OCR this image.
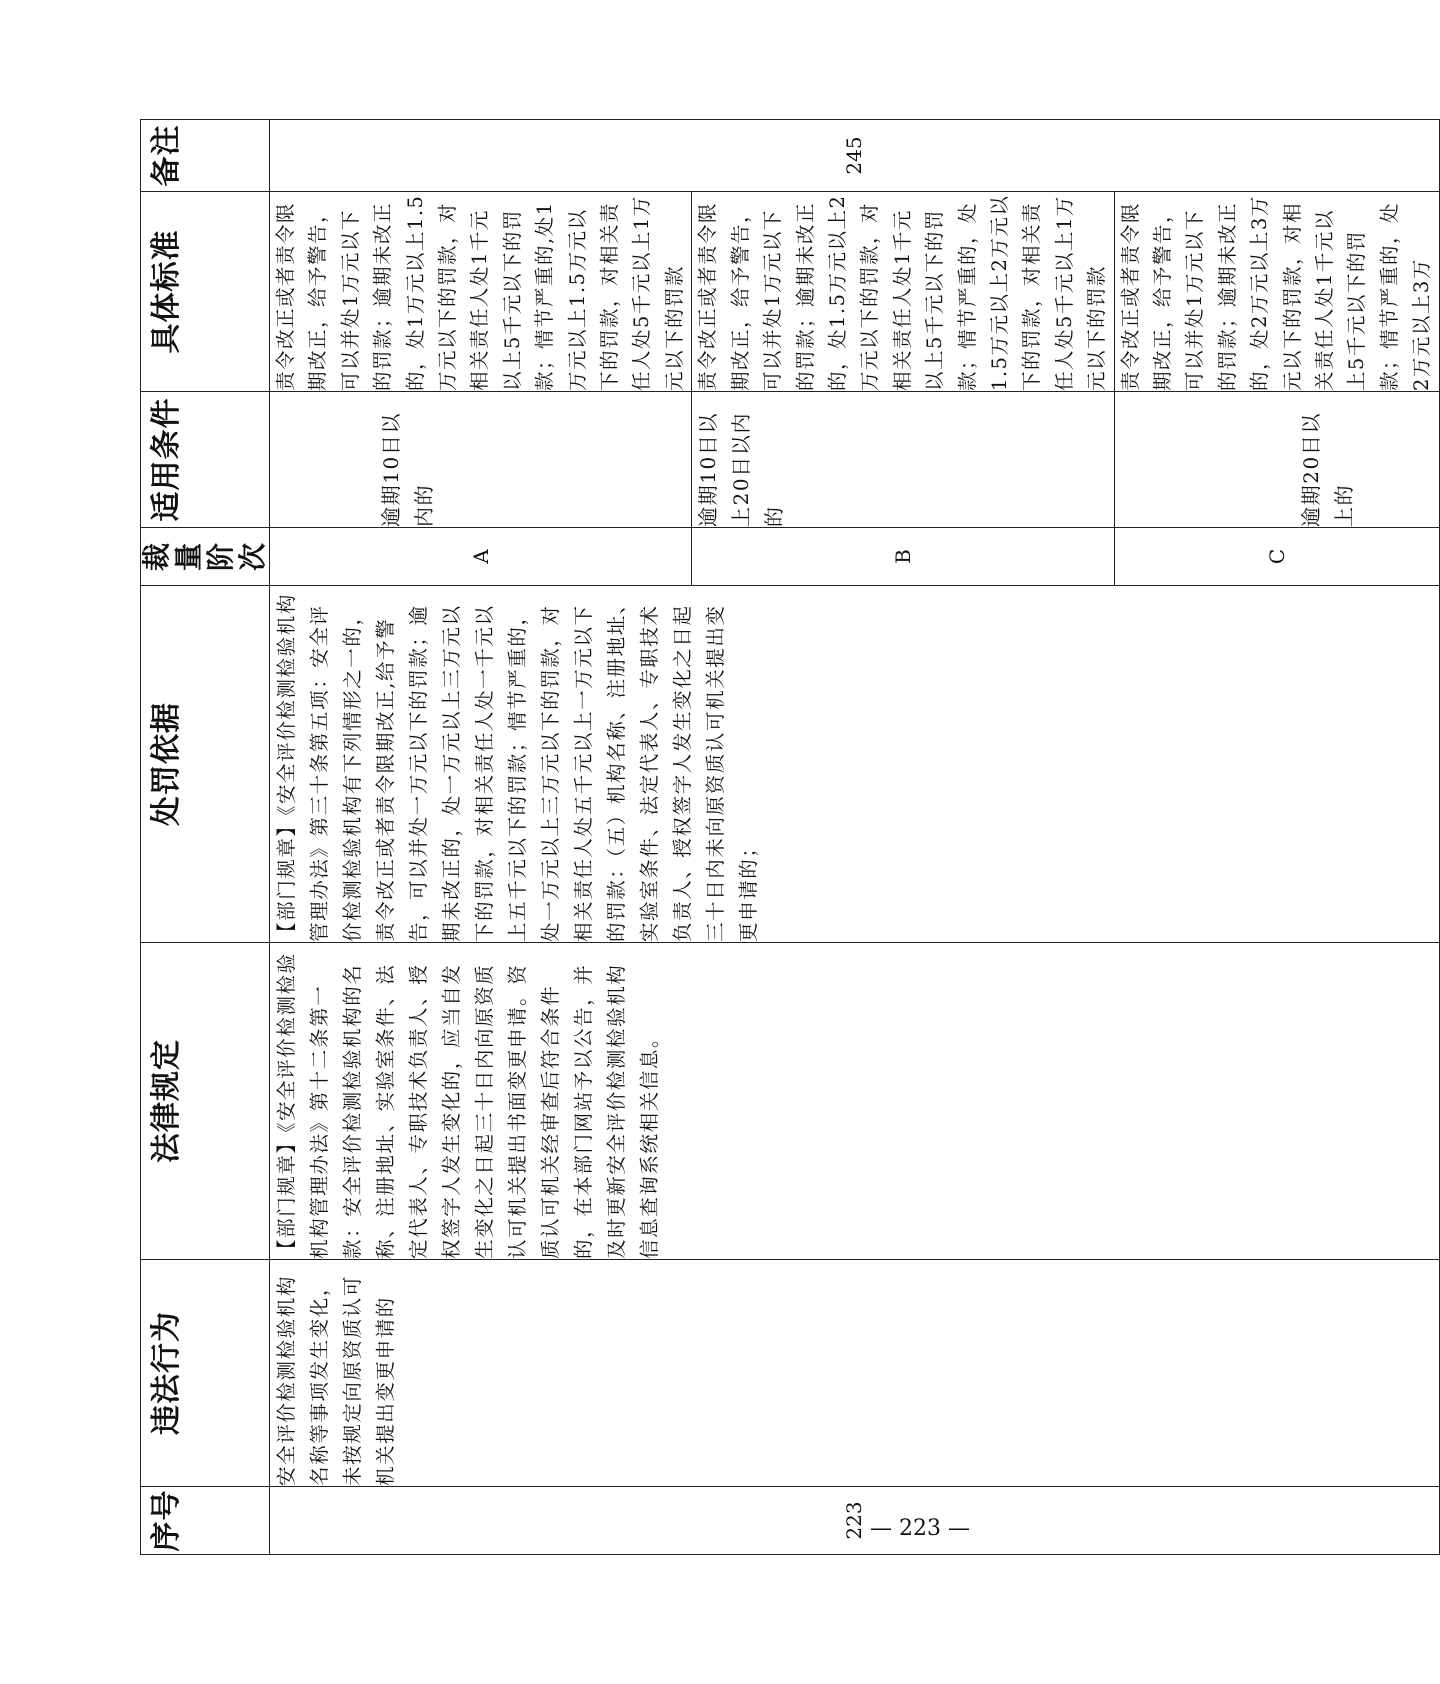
序号	违法行为	法律规定	处罚依据	裁量阶次	适用条件	具体标准	备注
223	安全评价检测检验机构名称等事项发生变化，未按规定向原资质认可机关提出变更申请的	【部门规章】《安全评价检测检验机构管理办法》第十二条第一款：安全评价检测检验机构的名称、注册地址、实验室条件、法定代表人、专职技术负责人、授权签字人发生变化的，应当自发生变化之日起三十日内向原资质认可机关提出书面变更申请。资质认可机关经审查后符合条件的，在本部门网站予以公告，并及时更新安全评价检测检验机构信息查询系统相关信息。	【部门规章】《安全评价检测检验机构管理办法》第三十条第五项：安全评价检测检验机构有下列情形之一的，责令改正或者责令限期改正,给予警告，可以并处一万元以下的罚款；逾期未改正的，处一万元以上三万元以下的罚款，对相关责任人处一千元以上五千元以下的罚款；情节严重的，处一万元以上三万元以下的罚款，对相关责任人处五千元以上一万元以下的罚款：（五）机构名称、注册地址、实验室条件、法定代表人、专职技术负责人、授权签字人发生变化之日起三十日内未向原资质认可机关提出变更申请的；	A	逾期10日以内的	责令改正或者责令限期改正，给予警告，可以并处1万元以下的罚款；逾期未改正的，处1万元以上1.5万元以下的罚款，对相关责任人处1千元以上5千元以下的罚款；情节严重的,处1万元以上1.5万元以下的罚款，对相关责任人处5千元以上1万元以下的罚款	245
				B	逾期10日以上20日以内的	责令改正或者责令限期改正，给予警告，可以并处1万元以下的罚款；逾期未改正的，处1.5万元以上2万元以下的罚款，对相关责任人处1千元以上5千元以下的罚款；情节严重的，处1.5万元以上2万元以下的罚款，对相关责任人处5千元以上1万元以下的罚款	
				C	逾期20日以上的	责令改正或者责令限期改正，给予警告，可以并处1万元以下的罚款；逾期未改正的，处2万元以上3万元以下的罚款，对相关责任人处1千元以上5千元以下的罚款；情节严重的，处2万元以上3万	
— 223 —
